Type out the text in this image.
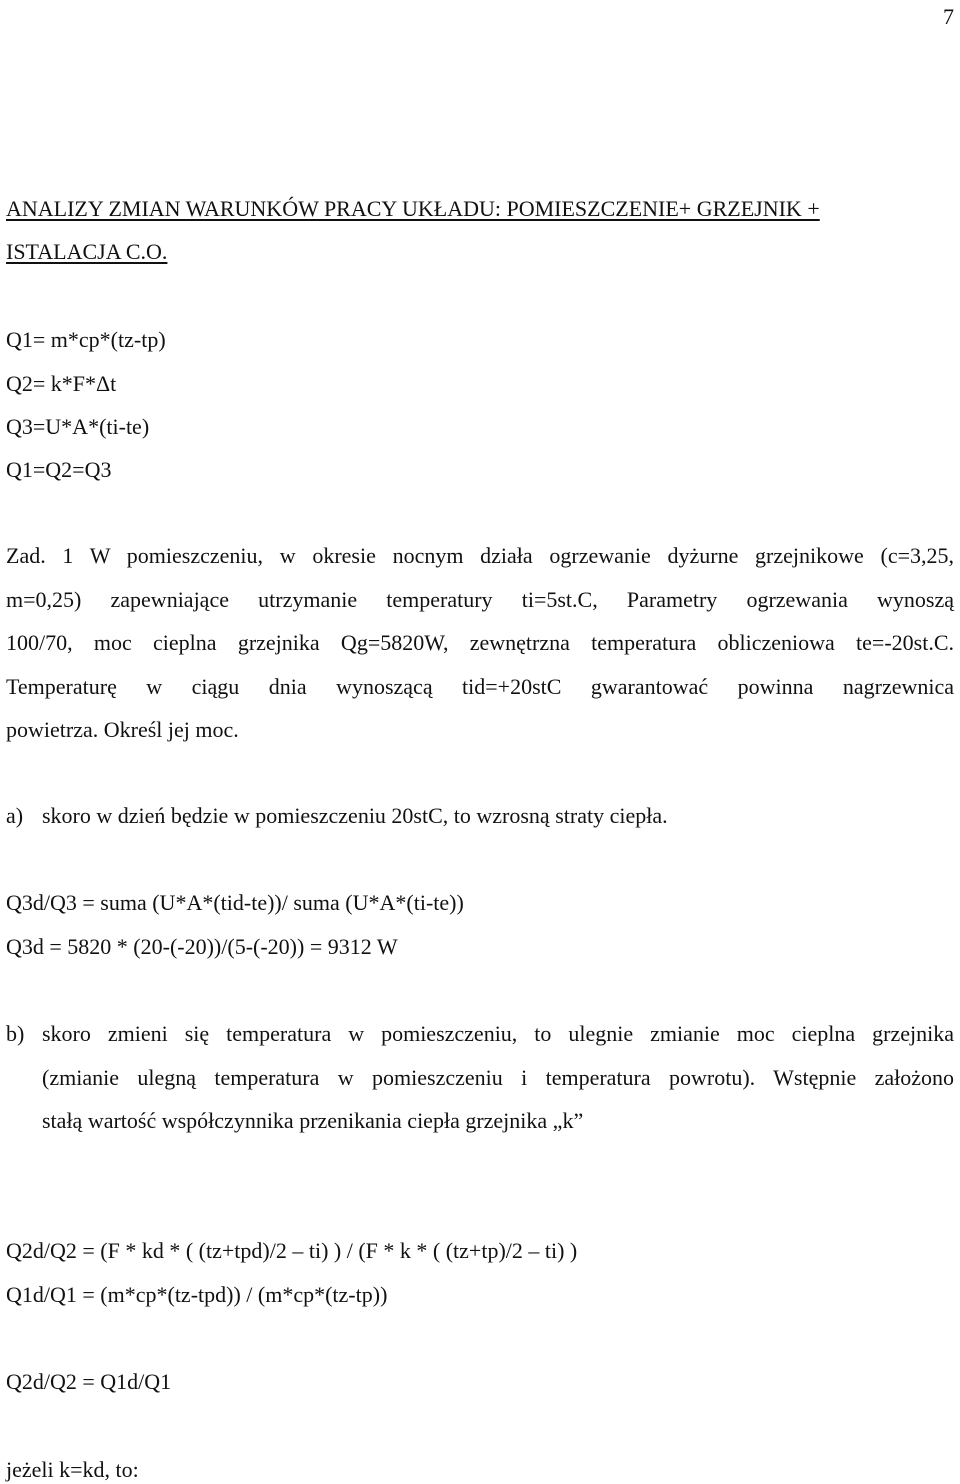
7
ANALIZY ZMIAN WARUNKÓW PRACY UKŁADU: POMIESZCZENIE+ GRZEJNIK +
ISTALACJA C.O.
Q1= m*cp*(tz-tp)
Q2= k*F*Δt
Q3=U*A*(ti-te)
Q1=Q2=Q3
Zad. 1 W pomieszczeniu, w okresie nocnym działa ogrzewanie dyżurne grzejnikowe (c=3,25,
m=0,25) zapewniające utrzymanie temperatury ti=5st.C, Parametry ogrzewania wynoszą
100/70, moc cieplna grzejnika Qg=5820W, zewnętrzna temperatura obliczeniowa te=-20st.C.
Temperaturę w ciągu dnia wynoszącą tid=+20stC gwarantować powinna nagrzewnica
powietrza. Określ jej moc.
a) skoro w dzień będzie w pomieszczeniu 20stC, to wzrosną straty ciepła.
Q3d/Q3 = suma (U*A*(tid-te))/ suma (U*A*(ti-te))
Q3d = 5820 * (20-(-20))/(5-(-20)) = 9312 W
b) skoro zmieni się temperatura w pomieszczeniu, to ulegnie zmianie moc cieplna grzejnika
(zmianie ulegną temperatura w pomieszczeniu i temperatura powrotu). Wstępnie założono
stałą wartość współczynnika przenikania ciepła grzejnika „k”
Q2d/Q2 = (F * kd * ( (tz+tpd)/2 – ti) ) / (F * k * ( (tz+tp)/2 – ti) )
Q1d/Q1 = (m*cp*(tz-tpd)) / (m*cp*(tz-tp))
Q2d/Q2 = Q1d/Q1
jeżeli k=kd, to:
